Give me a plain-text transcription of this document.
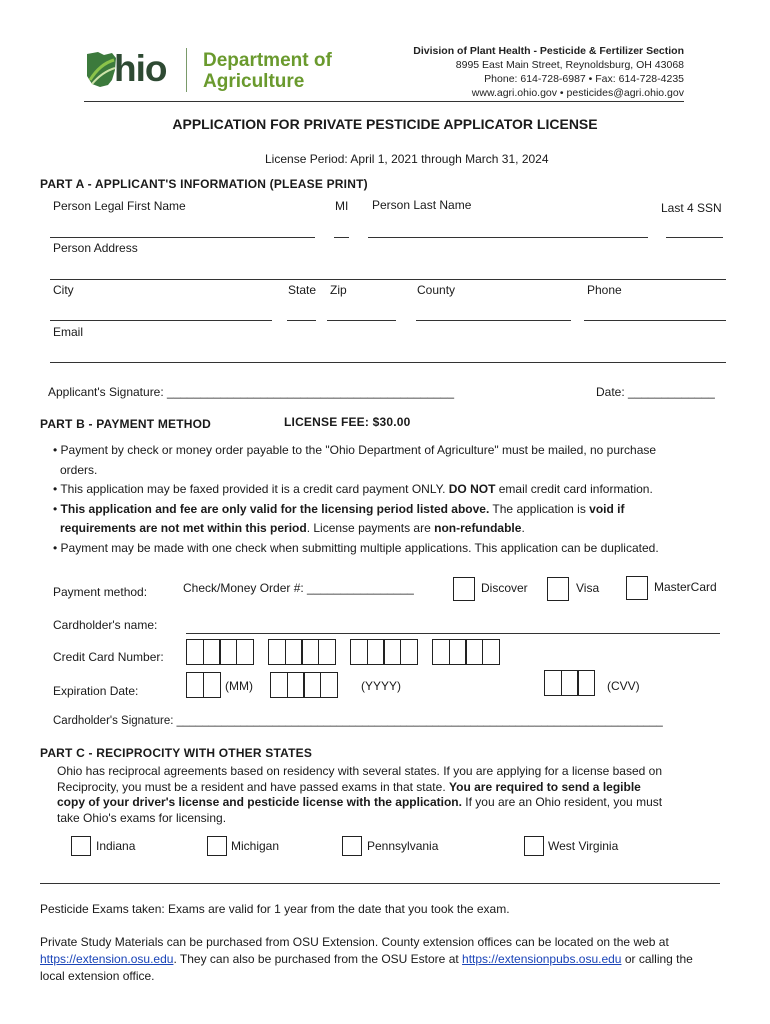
hio Department of
Agriculture
Division of Plant Health - Pesticide & Fertilizer Section
8995 East Main Street, Reynoldsburg, OH 43068
Phone: 614-728-6987 • Fax: 614-728-4235
www.agri.ohio.gov • pesticides@agri.ohio.gov
APPLICATION FOR PRIVATE PESTICIDE APPLICATOR LICENSE
License Period: April 1, 2021 through March 31, 2024
PART A - APPLICANT'S INFORMATION (PLEASE PRINT)
Person Legal First Name	MI Person Last Name	Last 4 SSN
Person Address
City	State Zip	County	Phone
Email
Applicant's Signature: ___________________________________________	Date: _____________
PART B - PAYMENT METHOD	LICENSE FEE: $30.00
• Payment by check or money order payable to the "Ohio Department of Agriculture" must be mailed, no purchase
orders.
• This application may be faxed provided it is a credit card payment ONLY. DO NOT email credit card information.
• This application and fee are only valid for the licensing period listed above. The application is void if
requirements are not met within this period. License payments are non-refundable.
• Payment may be made with one check when submitting multiple applications. This application can be duplicated.
Payment method:	Check/Money Order #: ________________	Discover	Visa	MasterCard
Cardholder's name:
Credit Card Number:
Expiration Date:	(MM)	(YYYY)	(CVV)
Cardholder's Signature: ____________________________________________________________________________
PART C - RECIPROCITY WITH OTHER STATES
Ohio has reciprocal agreements based on residency with several states. If you are applying for a license based on
Reciprocity, you must be a resident and have passed exams in that state. You are required to send a legible
copy of your driver's license and pesticide license with the application. If you are an Ohio resident, you must
take Ohio's exams for licensing.
Indiana	Michigan	Pennsylvania	West Virginia
Pesticide Exams taken: Exams are valid for 1 year from the date that you took the exam.
Private Study Materials can be purchased from OSU Extension. County extension offices can be located on the web at
https://extension.osu.edu. They can also be purchased from the OSU Estore at https://extensionpubs.osu.edu or calling the
local extension office.
